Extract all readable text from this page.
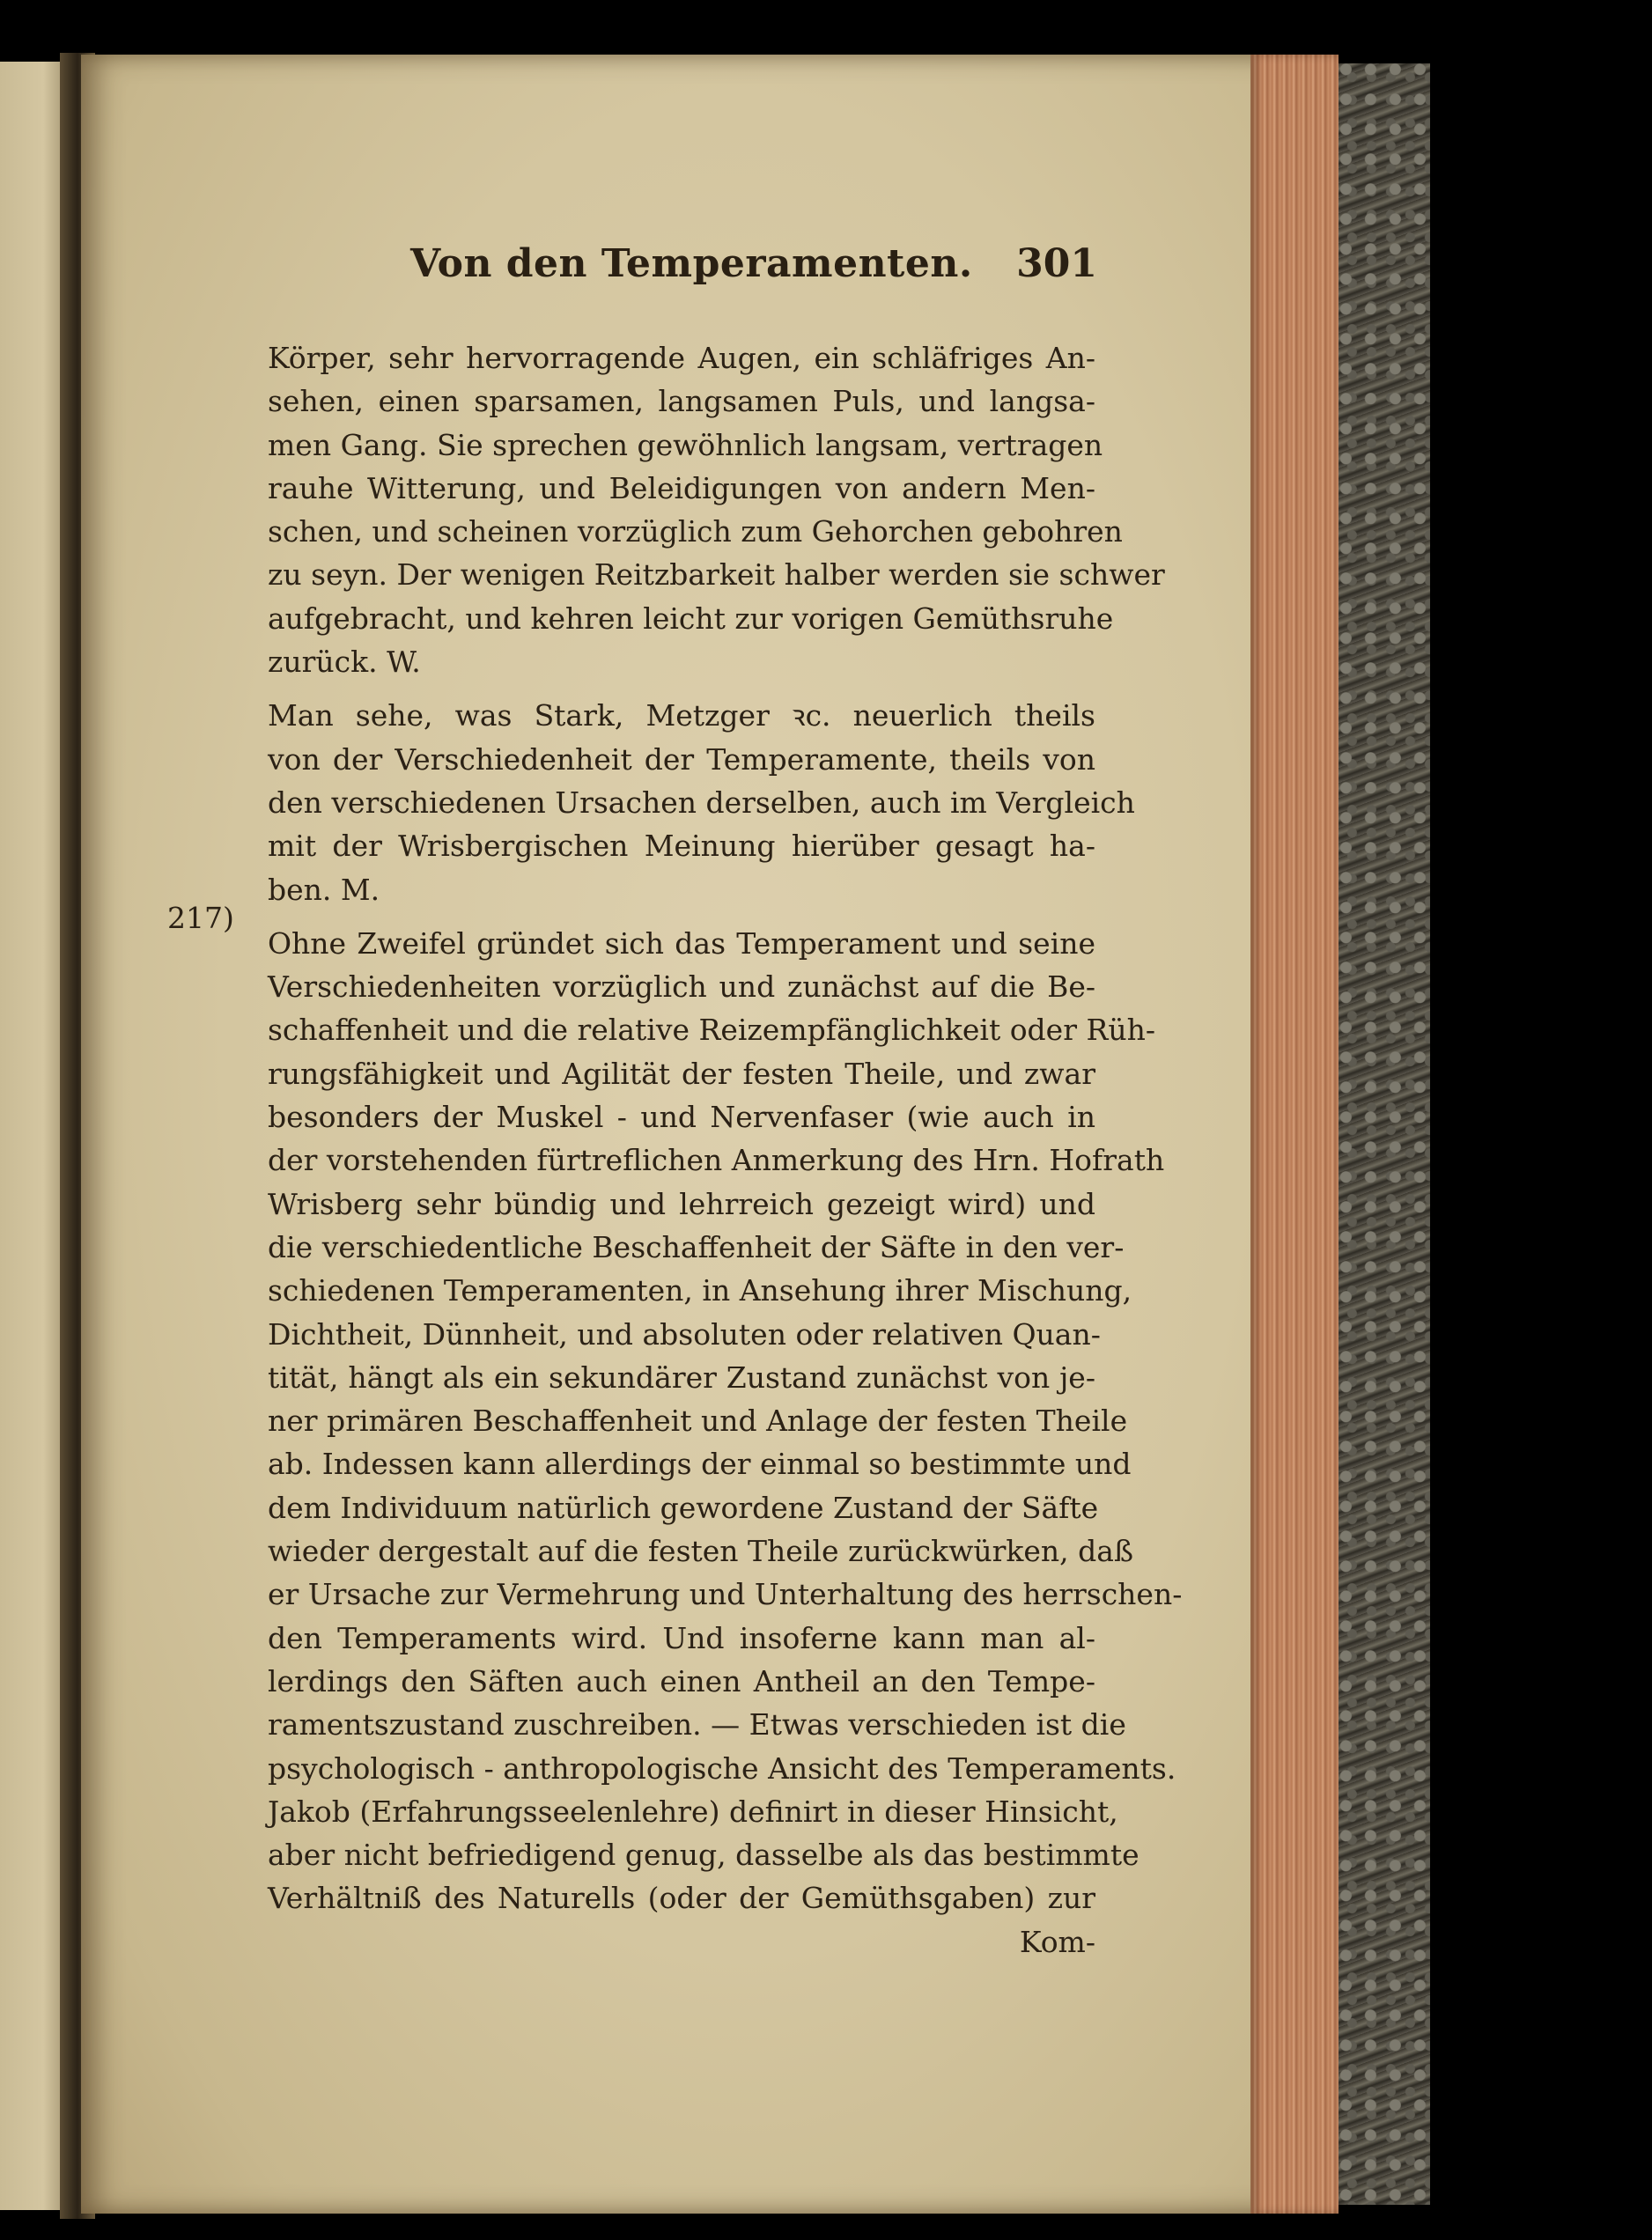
Von den Temperamenten. 301
217)
Körper, sehr hervorragende Augen, ein schläfriges An-
sehen, einen sparsamen, langsamen Puls, und langsa-
men Gang. Sie sprechen gewöhnlich langsam, vertragen
rauhe Witterung, und Beleidigungen von andern Men-
schen, und scheinen vorzüglich zum Gehorchen gebohren
zu seyn. Der wenigen Reitzbarkeit halber werden sie schwer
aufgebracht, und kehren leicht zur vorigen Gemüthsruhe
zurück. W.
Man sehe, was Stark, Metzger ꝛc. neuerlich theils
von der Verschiedenheit der Temperamente, theils von
den verschiedenen Ursachen derselben, auch im Vergleich
mit der Wrisbergischen Meinung hierüber gesagt ha-
ben. M.
Ohne Zweifel gründet sich das Temperament und seine
Verschiedenheiten vorzüglich und zunächst auf die Be-
schaffenheit und die relative Reizempfänglichkeit oder Rüh-
rungsfähigkeit und Agilität der festen Theile, und zwar
besonders der Muskel - und Nervenfaser (wie auch in
der vorstehenden fürtreflichen Anmerkung des Hrn. Hofrath
Wrisberg sehr bündig und lehrreich gezeigt wird) und
die verschiedentliche Beschaffenheit der Säfte in den ver-
schiedenen Temperamenten, in Ansehung ihrer Mischung,
Dichtheit, Dünnheit, und absoluten oder relativen Quan-
tität, hängt als ein sekundärer Zustand zunächst von je-
ner primären Beschaffenheit und Anlage der festen Theile
ab. Indessen kann allerdings der einmal so bestimmte und
dem Individuum natürlich gewordene Zustand der Säfte
wieder dergestalt auf die festen Theile zurückwürken, daß
er Ursache zur Vermehrung und Unterhaltung des herrschen-
den Temperaments wird. Und insoferne kann man al-
lerdings den Säften auch einen Antheil an den Tempe-
ramentszustand zuschreiben. — Etwas verschieden ist die
psychologisch - anthropologische Ansicht des Temperaments.
Jakob (Erfahrungsseelenlehre) definirt in dieser Hinsicht,
aber nicht befriedigend genug, dasselbe als das bestimmte
Verhältniß des Naturells (oder der Gemüthsgaben) zur
Kom-
